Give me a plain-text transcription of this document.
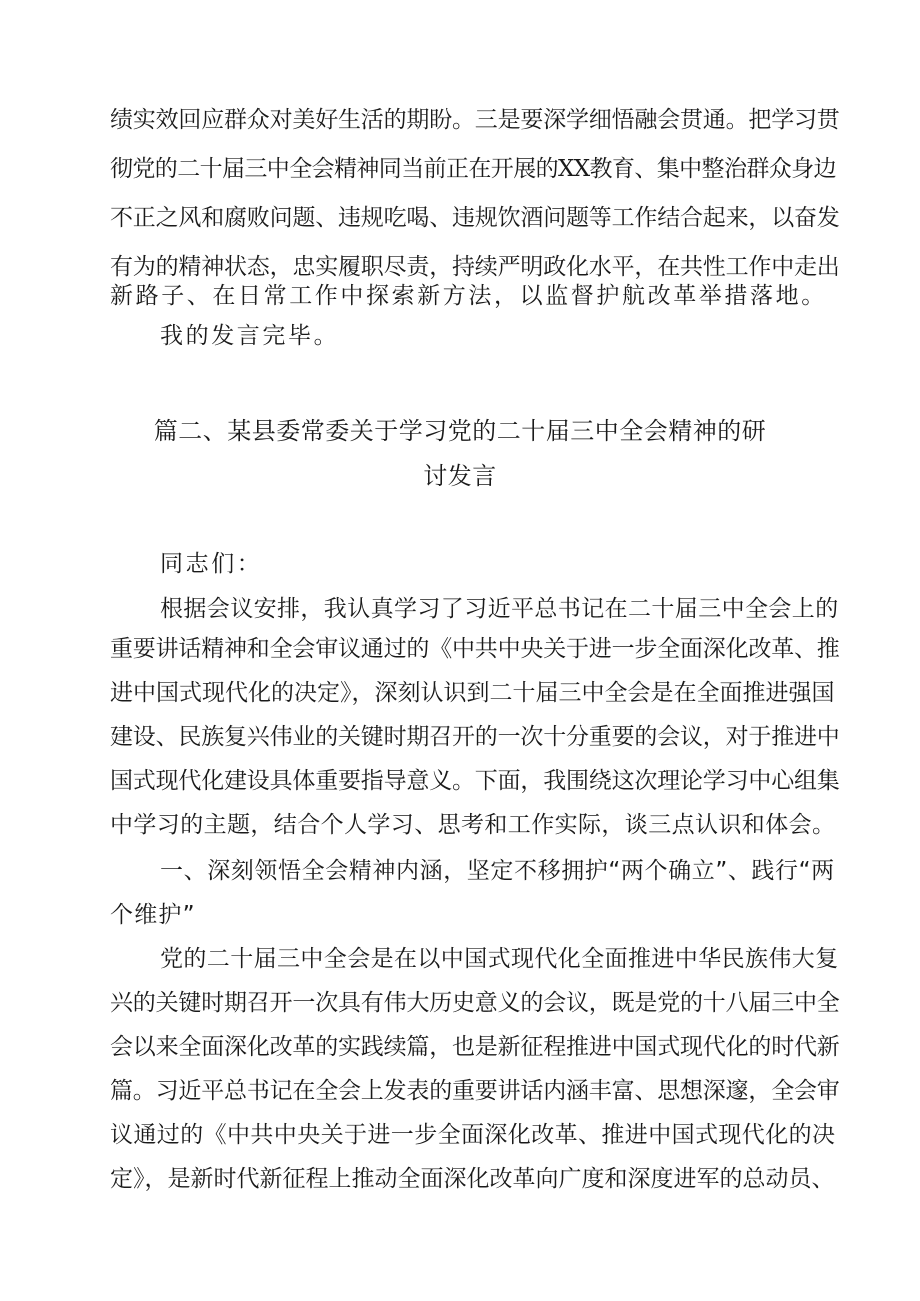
绩实效回应群众对美好生活的期盼。三是要深学细悟融会贯通。把学习贯
彻党的二十届三中全会精神同当前正在开展的XX教育、集中整治群众身边
不正之风和腐败问题、违规吃喝、违规饮酒问题等工作结合起来，以奋发
有为的精神状态，忠实履职尽责，持续严明政化水平，在共性工作中走出
新路子、在日常工作中探索新方法，以监督护航改革举措落地。
我的发言完毕。
篇二、某县委常委关于学习党的二十届三中全会精神的研
讨发言
同志们：
根据会议安排，我认真学习了习近平总书记在二十届三中全会上的
重要讲话精神和全会审议通过的《中共中央关于进一步全面深化改革、推
进中国式现代化的决定》，深刻认识到二十届三中全会是在全面推进强国
建设、民族复兴伟业的关键时期召开的一次十分重要的会议，对于推进中
国式现代化建设具体重要指导意义。下面，我围绕这次理论学习中心组集
中学习的主题，结合个人学习、思考和工作实际，谈三点认识和体会。
一、深刻领悟全会精神内涵，坚定不移拥护“两个确立”、践行“两
个维护”
党的二十届三中全会是在以中国式现代化全面推进中华民族伟大复
兴的关键时期召开一次具有伟大历史意义的会议，既是党的十八届三中全
会以来全面深化改革的实践续篇，也是新征程推进中国式现代化的时代新
篇。习近平总书记在全会上发表的重要讲话内涵丰富、思想深邃，全会审
议通过的《中共中央关于进一步全面深化改革、推进中国式现代化的决
定》，是新时代新征程上推动全面深化改革向广度和深度进军的总动员、
